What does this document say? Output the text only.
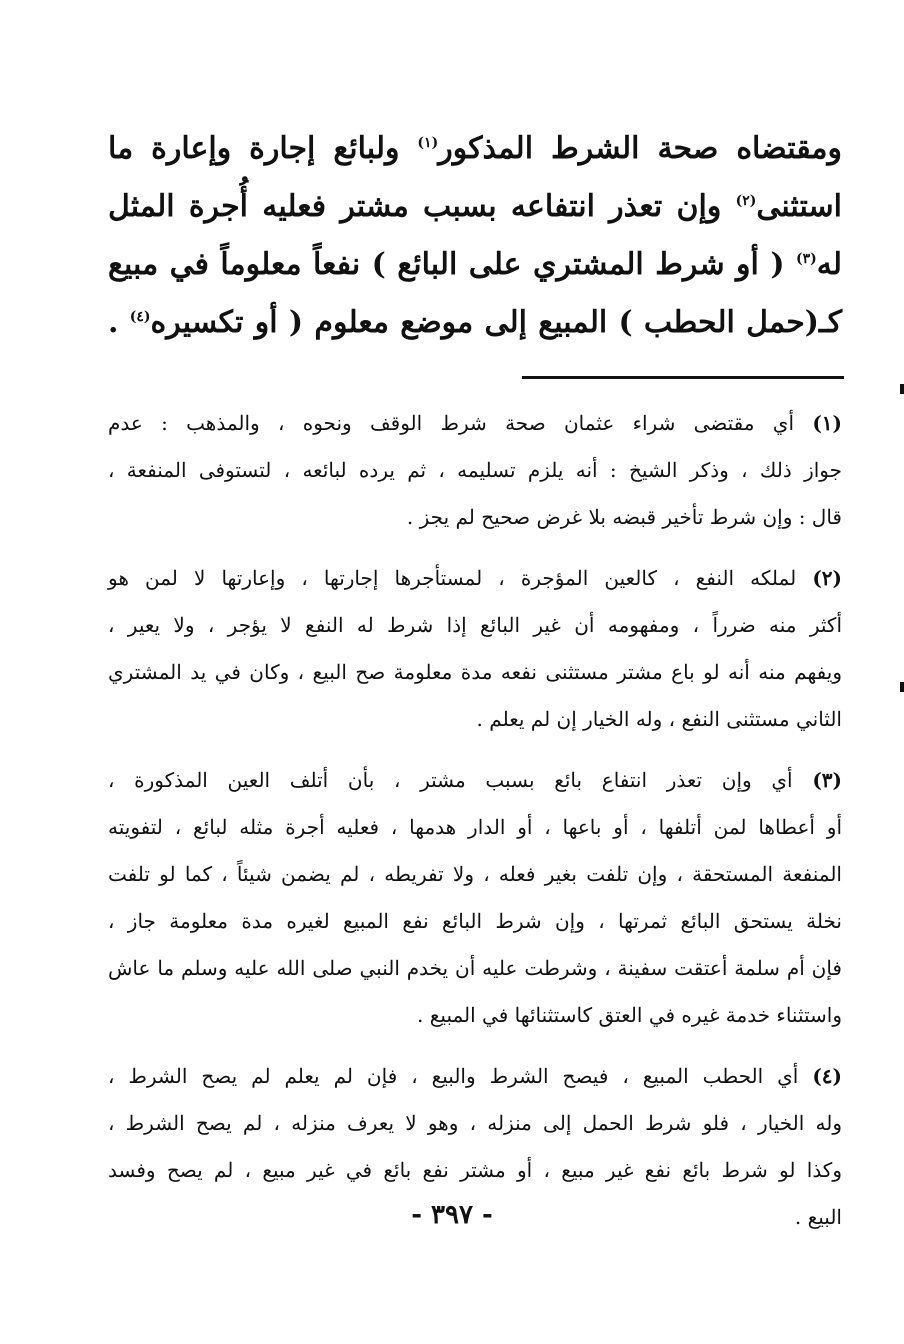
ومقتضاه صحة الشرط المذكور$^{(١)}$ ولبائع إجارة وإعارة ما
استثنى$^{(٢)}$ وإن تعذر انتفاعه بسبب مشتر فعليه أُجرة المثل
له$^{(٣)}$ ( أو شرط المشتري على البائع ) نفعاً معلوماً في مبيع
كـ(حمل الحطب ) المبيع إلى موضع معلوم ( أو تكسيره$^{(٤)}$ .
(١) أي مقتضى شراء عثمان صحة شرط الوقف ونحوه ، والمذهب : عدم
جواز ذلك ، وذكر الشيخ : أنه يلزم تسليمه ، ثم يرده لبائعه ، لتستوفى المنفعة ،
قال : وإن شرط تأخير قبضه بلا غرض صحيح لم يجز .
(٢) لملكه النفع ، كالعين المؤجرة ، لمستأجرها إجارتها ، وإعارتها لا لمن هو
أكثر منه ضرراً ، ومفهومه أن غير البائع إذا شرط له النفع لا يؤجر ، ولا يعير ،
ويفهم منه أنه لو باع مشتر مستثنى نفعه مدة معلومة صح البيع ، وكان في يد المشتري
الثاني مستثنى النفع ، وله الخيار إن لم يعلم .
(٣) أي وإن تعذر انتفاع بائع بسبب مشتر ، بأن أتلف العين المذكورة ،
أو أعطاها لمن أتلفها ، أو باعها ، أو الدار هدمها ، فعليه أجرة مثله لبائع ، لتفويته
المنفعة المستحقة ، وإن تلفت بغير فعله ، ولا تفريطه ، لم يضمن شيئاً ، كما لو تلفت
نخلة يستحق البائع ثمرتها ، وإن شرط البائع نفع المبيع لغيره مدة معلومة جاز ،
فإن أم سلمة أعتقت سفينة ، وشرطت عليه أن يخدم النبي صلى الله عليه وسلم ما عاش
واستثناء خدمة غيره في العتق كاستثنائها في المبيع .
(٤) أي الحطب المبيع ، فيصح الشرط والبيع ، فإن لم يعلم لم يصح الشرط ،
وله الخيار ، فلو شرط الحمل إلى منزله ، وهو لا يعرف منزله ، لم يصح الشرط ،
وكذا لو شرط بائع نفع غير مبيع ، أو مشتر نفع بائع في غير مبيع ، لم يصح وفسد
البيع .
- ٣٩٧ -
